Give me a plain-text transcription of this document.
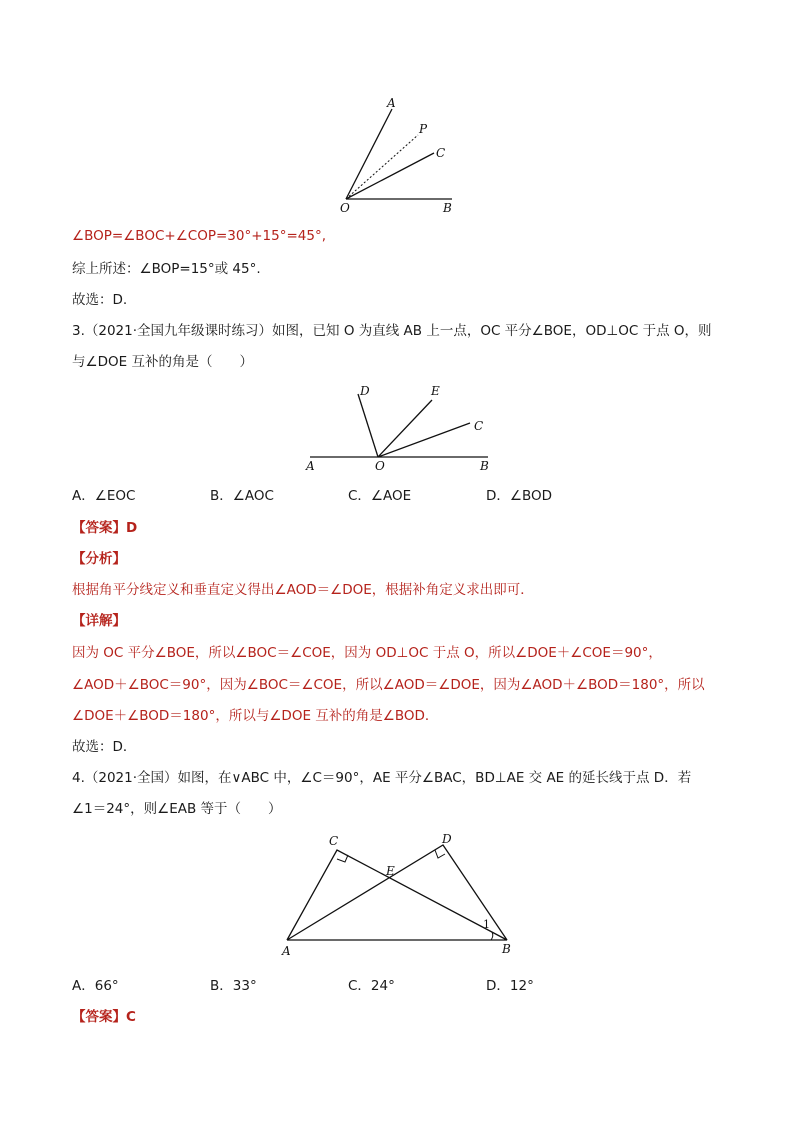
A
P
C
O	B
∠BOP=∠BOC+∠COP=30°+15°=45°,
综上所述：∠BOP=15°或 45°.
故选：D.
3.（2021·全国九年级课时练习）如图，已知 O 为直线 AB 上一点，OC 平分∠BOE，OD⊥OC 于点 O，则
与∠DOE 互补的角是（　　）
D	E
C
A	O	B
A．∠EOC	B．∠AOC	C．∠AOE	D．∠BOD
【答案】D
【分析】
根据角平分线定义和垂直定义得出∠AOD＝∠DOE，根据补角定义求出即可．
【详解】
因为 OC 平分∠BOE，所以∠BOC＝∠COE，因为 OD⊥OC 于点 O，所以∠DOE＋∠COE＝90°，
∠AOD＋∠BOC＝90°，因为∠BOC＝∠COE，所以∠AOD＝∠DOE，因为∠AOD＋∠BOD＝180°，所以
∠DOE＋∠BOD＝180°，所以与∠DOE 互补的角是∠BOD．
故选：D．
4.（2021·全国）如图，在∨ABC 中，∠C＝90°，AE 平分∠BAC，BD⊥AE 交 AE 的延长线于点 D．若
∠1＝24°，则∠EAB 等于（　　）
C	D
E
A	B
1
A．66°	B．33°	C．24°	D．12°
【答案】C
